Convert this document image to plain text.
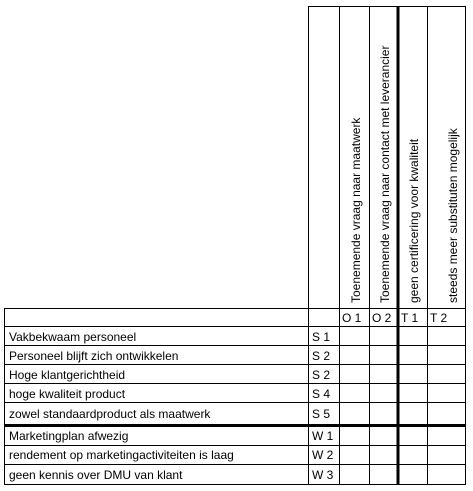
Toenemende vraag naar maatwerk Toenemende vraag naar contact met leverancier geen certificering voor kwaliteit steeds meer substituten mogelijk
O 1 O 2 T 1 T 2
Vakbekwaam personeel
Personeel blijft zich ontwikkelen
Hoge klantgerichtheid
hoge kwaliteit product
zowel standaardproduct als maatwerk
Marketingplan afwezig
rendement op marketingactiviteiten is laag
geen kennis over DMU van klant
S 1
S 2
S 2
S 4
S 5
W 1
W 2
W 3
